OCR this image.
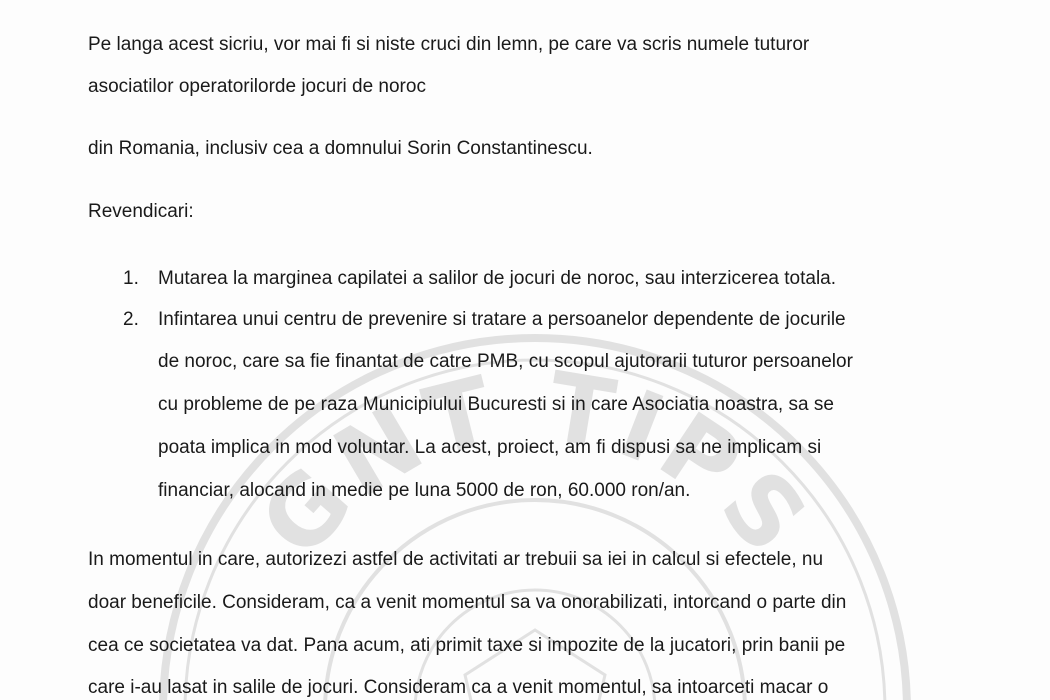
GNT TIPS
Pe langa acest sicriu, vor mai fi si niste cruci din lemn, pe care va scris numele tuturor
asociatilor operatorilorde jocuri de noroc
din Romania, inclusiv cea a domnului Sorin Constantinescu.
Revendicari:
1. Mutarea la marginea capilatei a salilor de jocuri de noroc, sau interzicerea totala.
2. Infintarea unui centru de prevenire si tratare a persoanelor dependente de jocurile
de noroc, care sa fie finantat de catre PMB, cu scopul ajutorarii tuturor persoanelor
cu probleme de pe raza Municipiului Bucuresti si in care Asociatia noastra, sa se
poata implica in mod voluntar. La acest, proiect, am fi dispusi sa ne implicam si
financiar, alocand in medie pe luna 5000 de ron, 60.000 ron/an.
In momentul in care, autorizezi astfel de activitati ar trebuii sa iei in calcul si efectele, nu
doar beneficile. Consideram, ca a venit momentul sa va onorabilizati, intorcand o parte din
cea ce societatea va dat. Pana acum, ati primit taxe si impozite de la jucatori, prin banii pe
care i-au lasat in salile de jocuri. Consideram ca a venit momentul, sa intoarceti macar o
